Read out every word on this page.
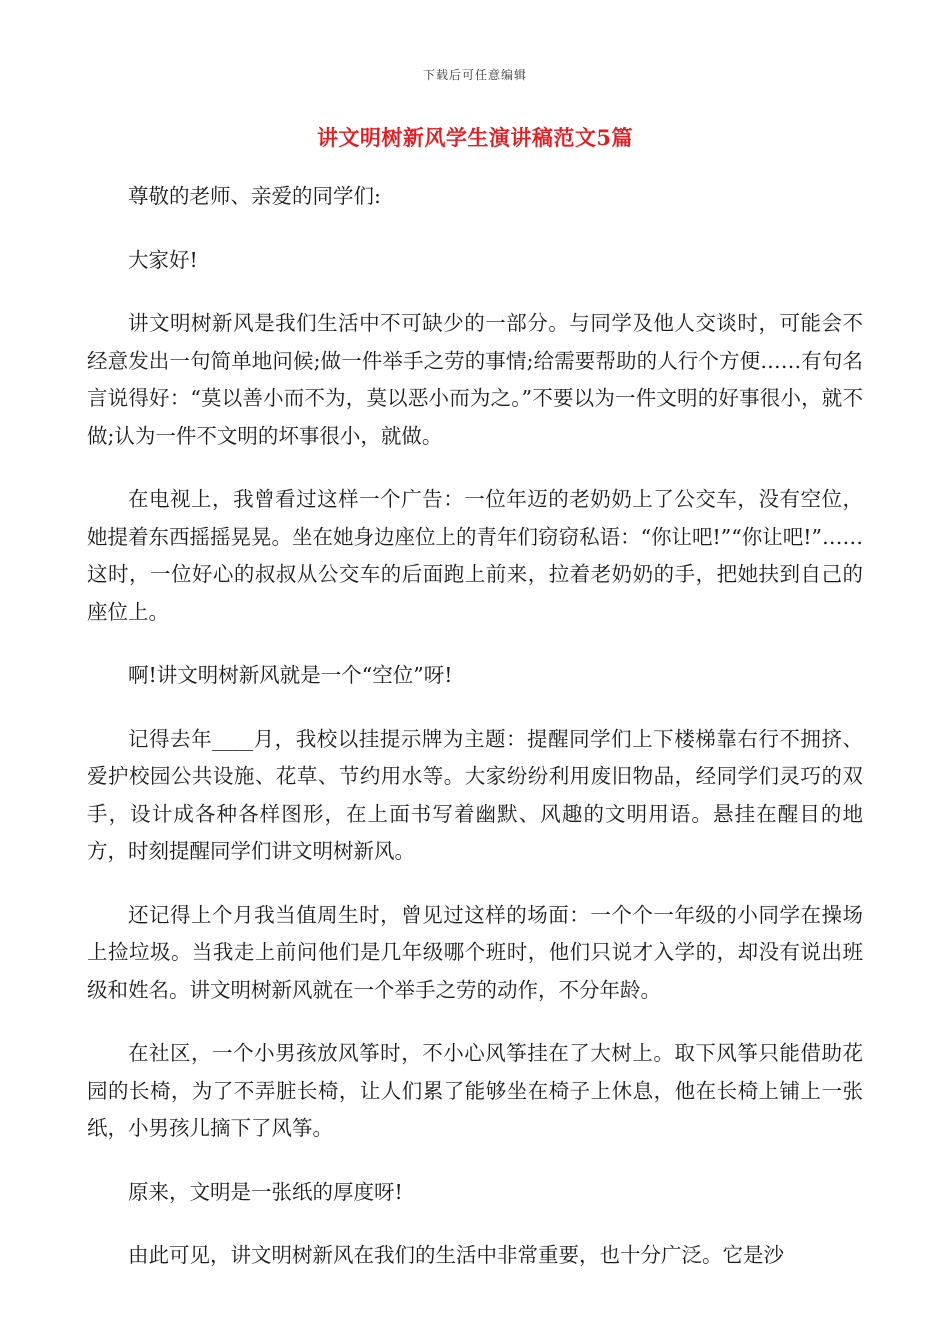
下载后可任意编辑
讲文明树新风学生演讲稿范文5篇

尊敬的老师、亲爱的同学们:

大家好!

讲文明树新风是我们生活中不可缺少的一部分。与同学及他人交谈时，可能会不经意发出一句简单地问候;做一件举手之劳的事情;给需要帮助的人行个方便……有句名言说得好：“莫以善小而不为，莫以恶小而为之。”不要以为一件文明的好事很小，就不做;认为一件不文明的坏事很小，就做。

在电视上，我曾看过这样一个广告：一位年迈的老奶奶上了公交车，没有空位，她提着东西摇摇晃晃。坐在她身边座位上的青年们窃窃私语：“你让吧!”“你让吧!”……这时，一位好心的叔叔从公交车的后面跑上前来，拉着老奶奶的手，把她扶到自己的座位上。

啊!讲文明树新风就是一个“空位”呀!

记得去年____月，我校以挂提示牌为主题：提醒同学们上下楼梯靠右行不拥挤、爱护校园公共设施、花草、节约用水等。大家纷纷利用废旧物品，经同学们灵巧的双手，设计成各种各样图形，在上面书写着幽默、风趣的文明用语。悬挂在醒目的地方，时刻提醒同学们讲文明树新风。

还记得上个月我当值周生时，曾见过这样的场面：一个个一年级的小同学在操场上捡垃圾。当我走上前问他们是几年级哪个班时，他们只说才入学的，却没有说出班级和姓名。讲文明树新风就在一个举手之劳的动作，不分年龄。

在社区，一个小男孩放风筝时，不小心风筝挂在了大树上。取下风筝只能借助花园的长椅，为了不弄脏长椅，让人们累了能够坐在椅子上休息，他在长椅上铺上一张纸，小男孩儿摘下了风筝。

原来，文明是一张纸的厚度呀!

由此可见，讲文明树新风在我们的生活中非常重要，也十分广泛。它是沙
